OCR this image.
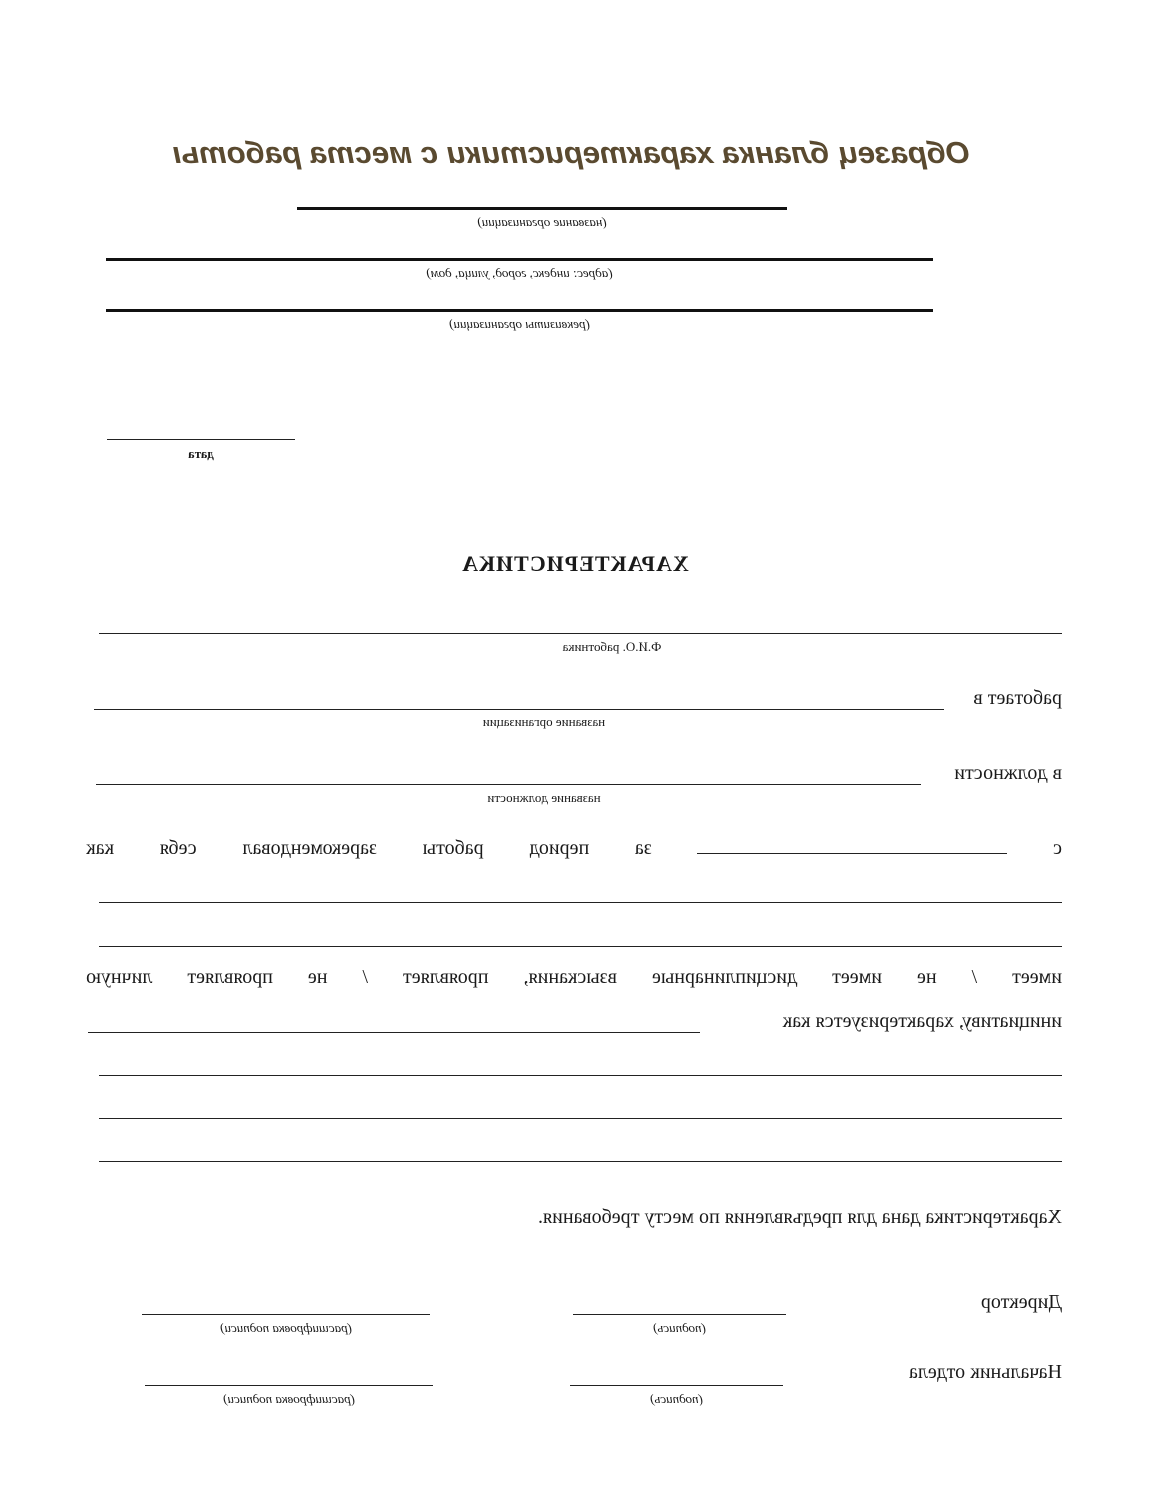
Образец бланка характеристики с места работы
(название организации)
(адрес: индекс, город, улица, дом)
(реквизиты организации)
дата
ХАРАКТЕРИСТИКА
Ф.И.О. работника
работает в
название организации
в должности
название должности
с
за
период
работы
зарекомендовал
себя
как
имеет
/
не
имеет
дисциплинарные
взыскания,
проявляет
/
не
проявляет
личную
инициативу, характеризуется как
Характеристика дана для предъявления по месту требования.
Директор
(подпись)
(расшифровка подписи)
Начальник отдела
(подпись)
(расшифровка подписи)
